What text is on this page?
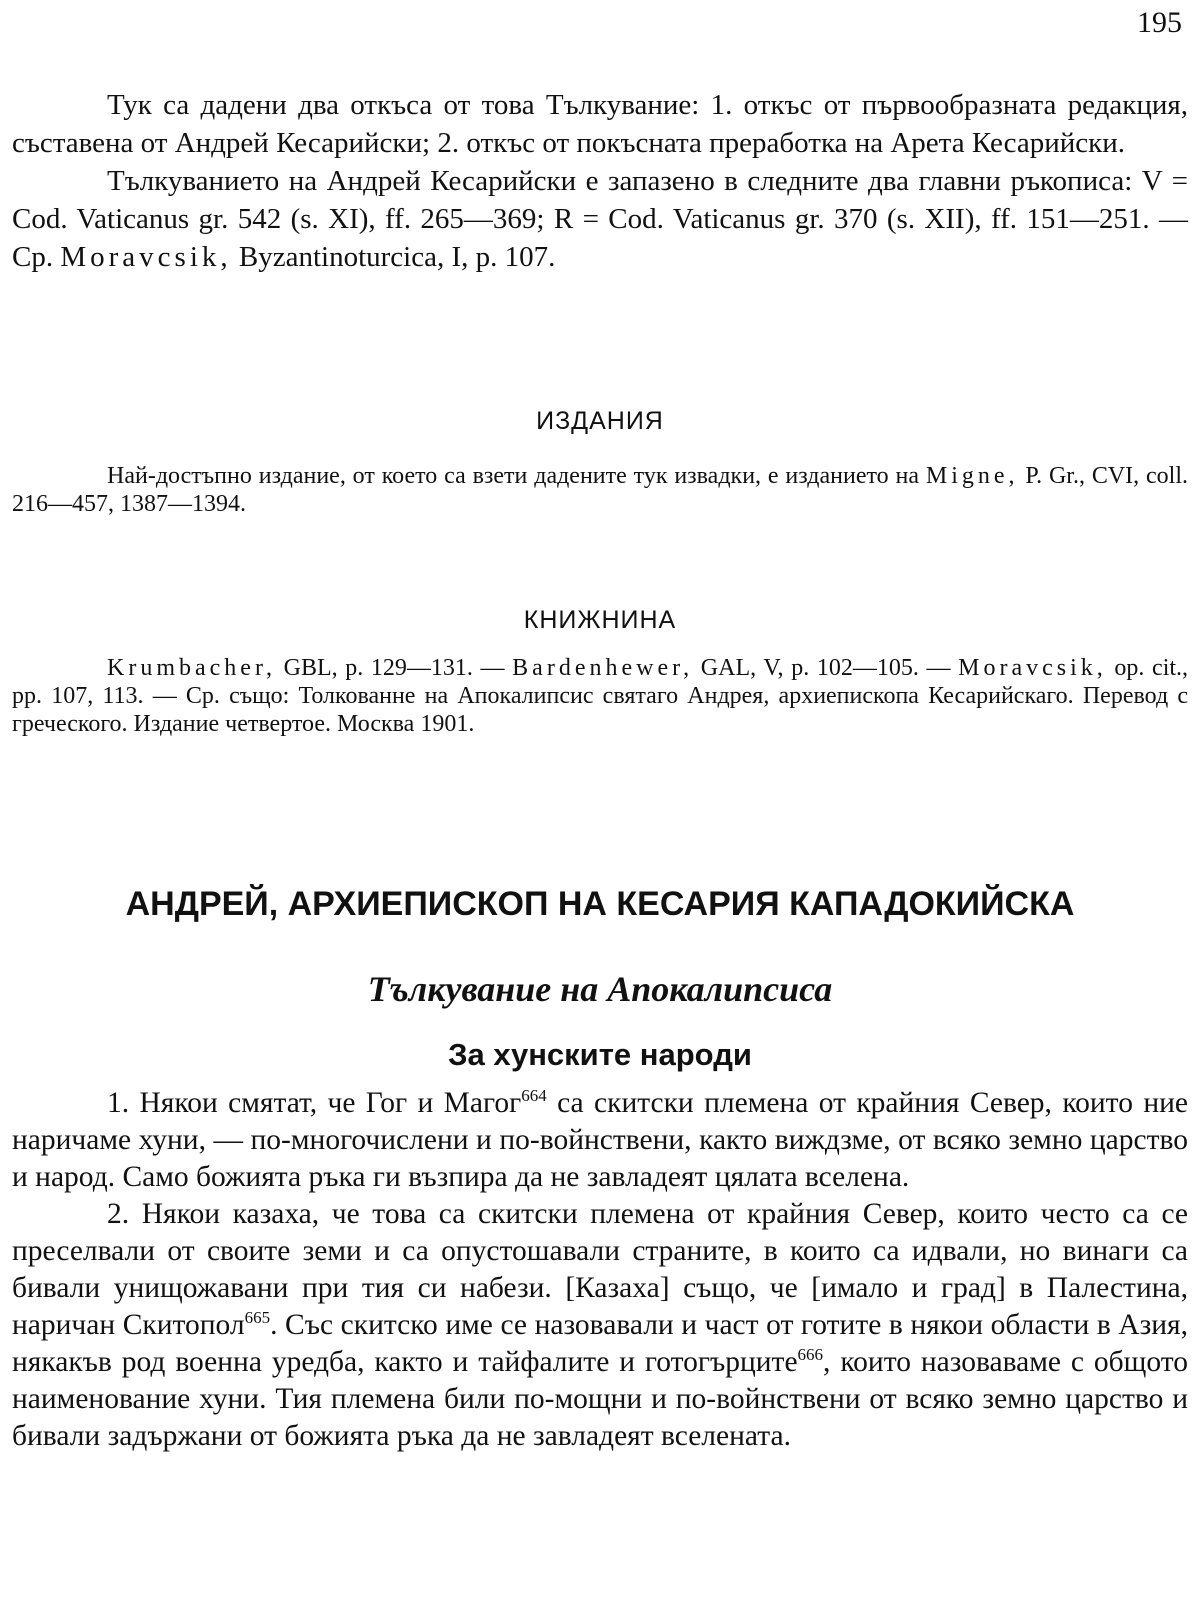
195

Тук са дадени два откъса от това Тълкувание: 1. откъс от първообразната редакция, съставена от Андрей Кесарийски; 2. откъс от покъсната преработка на Арета Кесарийски.

Тълкуванието на Андрей Кесарийски е запазено в следните два главни ръкописа: V = Cod. Vaticanus gr. 542 (s. XI), ff. 265—369; R = Cod. Vaticanus gr. 370 (s. XII), ff. 151—251. — Ср. Moravcsik, Byzantinoturcica, I, p. 107.

ИЗДАНИЯ

Най-достъпно издание, от което са взети дадените тук извадки, е изданието на Migne, P. Gr., CVI, coll. 216—457, 1387—1394.

КНИЖНИНА

Krumbacher, GBL, p. 129—131. — Bardenhewer, GAL, V, p. 102—105. — Moravcsik, op. cit., pp. 107, 113. — Ср. също: Толкованне на Апокалипсис святаго Андрея, архиепископа Кесарийскаго. Перевод с греческого. Издание четвертое. Москва 1901.

АНДРЕЙ, АРХИЕПИСКОП НА КЕСАРИЯ КАПАДОКИЙСКА
Тълкувание на Апокалипсиса
За хунските народи

1. Някои смятат, че Гог и Магог$^{664}$ са скитски племена от крайния Север, които ние наричаме хуни, — по-многочислени и по-войнствени, както виждзме, от всяко земно царство и народ. Само божията ръка ги възпира да не завладеят цялата вселена.

2. Някои казаха, че това са скитски племена от крайния Север, които често са се преселвали от своите земи и са опустошавали страните, в които са идвали, но винаги са бивали унищожавани при тия си набези. [Казаха] също, че [имало и град] в Палестина, наричан Скитопол$^{665}$. Със скитско име се назовавали и част от готите в някои области в Азия, някакъв род военна уредба, както и тайфалите и готогърците$^{666}$, които назоваваме с общото наименование хуни. Тия племена били по-мощни и по-войнствени от всяко земно царство и бивали задържани от божията ръка да не завладеят вселената.
